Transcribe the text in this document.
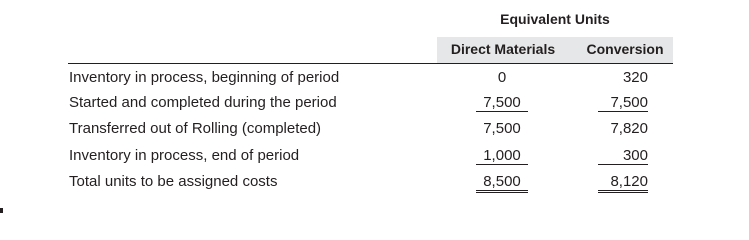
Equivalent Units
Direct Materials	Conversion
Inventory in process, beginning of period	0	320
Started and completed during the period	7,500	7,500
Transferred out of Rolling (completed)	7,500	7,820
Inventory in process, end of period	1,000	300
Total units to be assigned costs	8,500	8,120
